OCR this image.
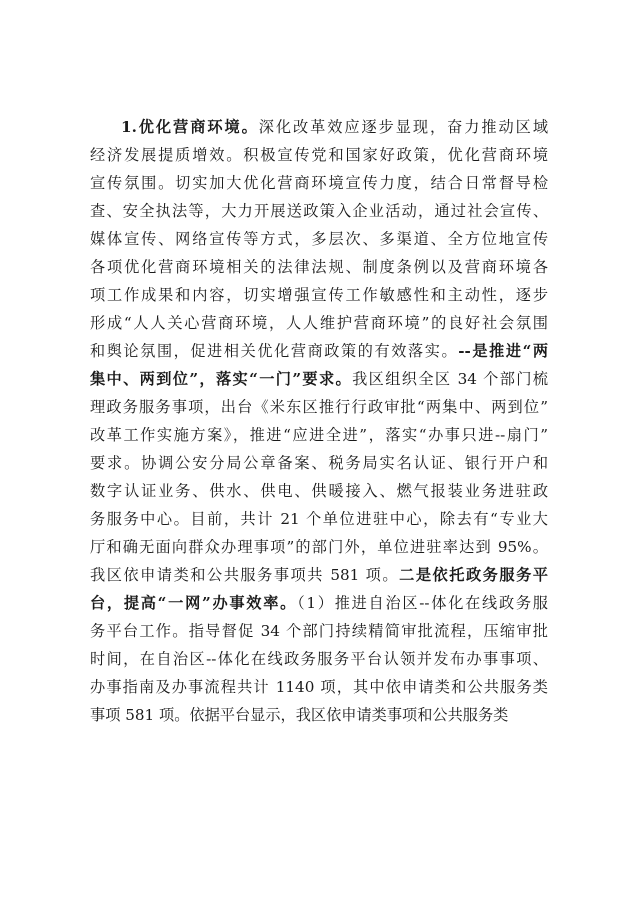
1.优化营商环境。深化改革效应逐步显现，奋力推动区域
经济发展提质增效。积极宣传党和国家好政策，优化营商环境
宣传氛围。切实加大优化营商环境宣传力度，结合日常督导检
查、安全执法等，大力开展送政策入企业活动，通过社会宣传、
媒体宣传、网络宣传等方式，多层次、多渠道、全方位地宣传
各项优化营商环境相关的法律法规、制度条例以及营商环境各
项工作成果和内容，切实增强宣传工作敏感性和主动性，逐步
形成“人人关心营商环境，人人维护营商环境”的良好社会氛围
和舆论氛围，促进相关优化营商政策的有效落实。--是推进“两
集中、两到位”，落实“一门”要求。我区组织全区 34 个部门梳
理政务服务事项，出台《米东区推行行政审批“两集中、两到位”
改革工作实施方案》，推进“应进全进”，落实“办事只进--扇门”
要求。协调公安分局公章备案、税务局实名认证、银行开户和
数字认证业务、供水、供电、供暖接入、燃气报装业务进驻政
务服务中心。目前，共计 21 个单位进驻中心，除去有“专业大
厅和确无面向群众办理事项”的部门外，单位进驻率达到 95%。
我区依申请类和公共服务事项共 581 项。二是依托政务服务平
台，提高“一网”办事效率。（1）推进自治区--体化在线政务服
务平台工作。指导督促 34 个部门持续精简审批流程，压缩审批
时间，在自治区--体化在线政务服务平台认领并发布办事事项、
办事指南及办事流程共计 1140 项，其中依申请类和公共服务类
事项 581 项。依据平台显示，我区依申请类事项和公共服务类
